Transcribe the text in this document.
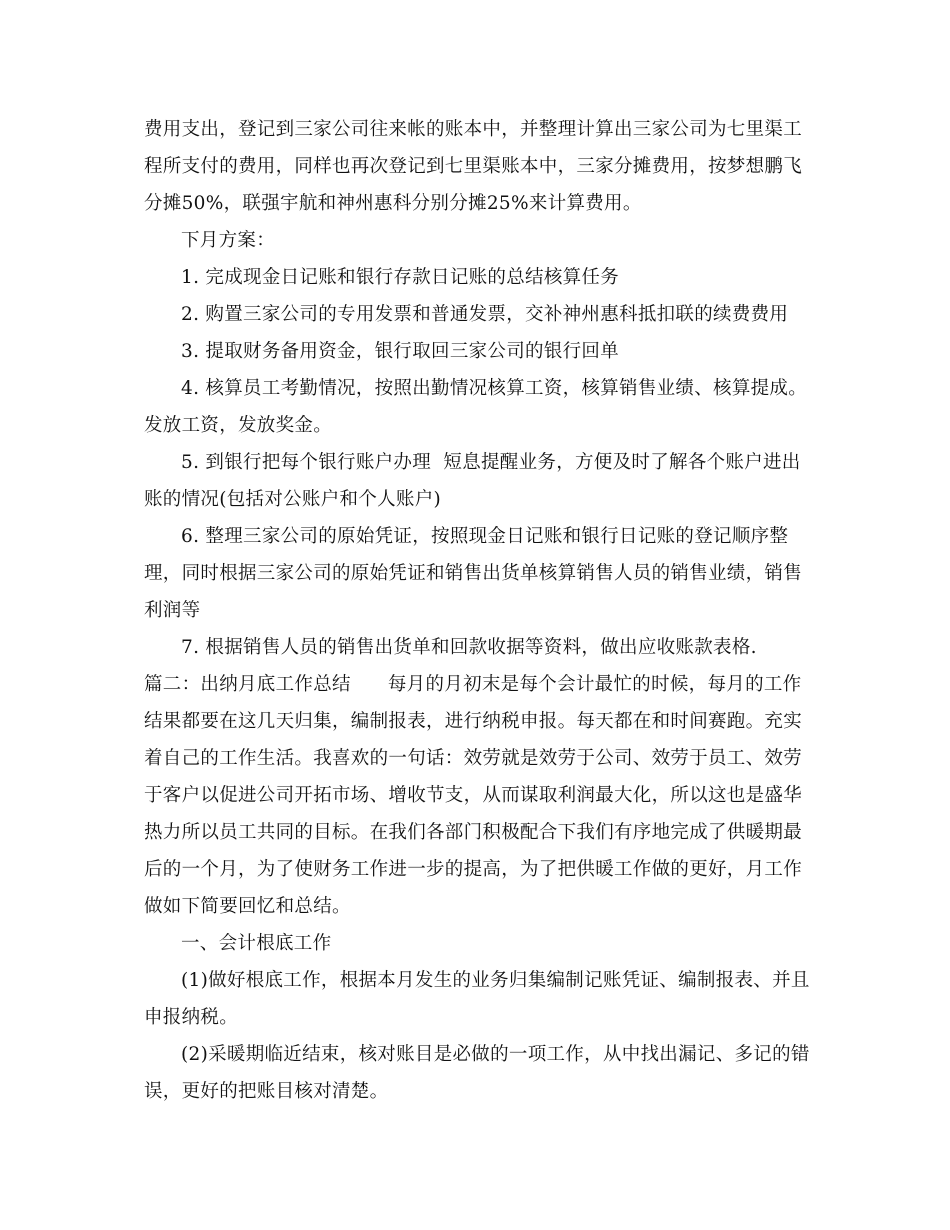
费用支出，登记到三家公司往来帐的账本中，并整理计算出三家公司为七里渠工程所支付的费用，同样也再次登记到七里渠账本中，三家分摊费用，按梦想鹏飞分摊50%，联强宇航和神州惠科分别分摊25%来计算费用。

下月方案：

1. 完成现金日记账和银行存款日记账的总结核算任务

2. 购置三家公司的专用发票和普通发票，交补神州惠科抵扣联的续费费用

3. 提取财务备用资金，银行取回三家公司的银行回单

4. 核算员工考勤情况，按照出勤情况核算工资，核算销售业绩、核算提成。发放工资，发放奖金。

5. 到银行把每个银行账户办理  短息提醒业务，方便及时了解各个账户进出账的情况(包括对公账户和个人账户)

6. 整理三家公司的原始凭证，按照现金日记账和银行日记账的登记顺序整理，同时根据三家公司的原始凭证和销售出货单核算销售人员的销售业绩，销售利润等

7. 根据销售人员的销售出货单和回款收据等资料，做出应收账款表格.

篇二：出纳月底工作总结      每月的月初末是每个会计最忙的时候，每月的工作结果都要在这几天归集，编制报表，进行纳税申报。每天都在和时间赛跑。充实着自己的工作生活。我喜欢的一句话：效劳就是效劳于公司、效劳于员工、效劳于客户以促进公司开拓市场、增收节支，从而谋取利润最大化，所以这也是盛华热力所以员工共同的目标。在我们各部门积极配合下我们有序地完成了供暖期最后的一个月，为了使财务工作进一步的提高，为了把供暖工作做的更好，月工作做如下简要回忆和总结。

一、会计根底工作

(1)做好根底工作，根据本月发生的业务归集编制记账凭证、编制报表、并且申报纳税。

(2)采暖期临近结束，核对账目是必做的一项工作，从中找出漏记、多记的错误，更好的把账目核对清楚。
